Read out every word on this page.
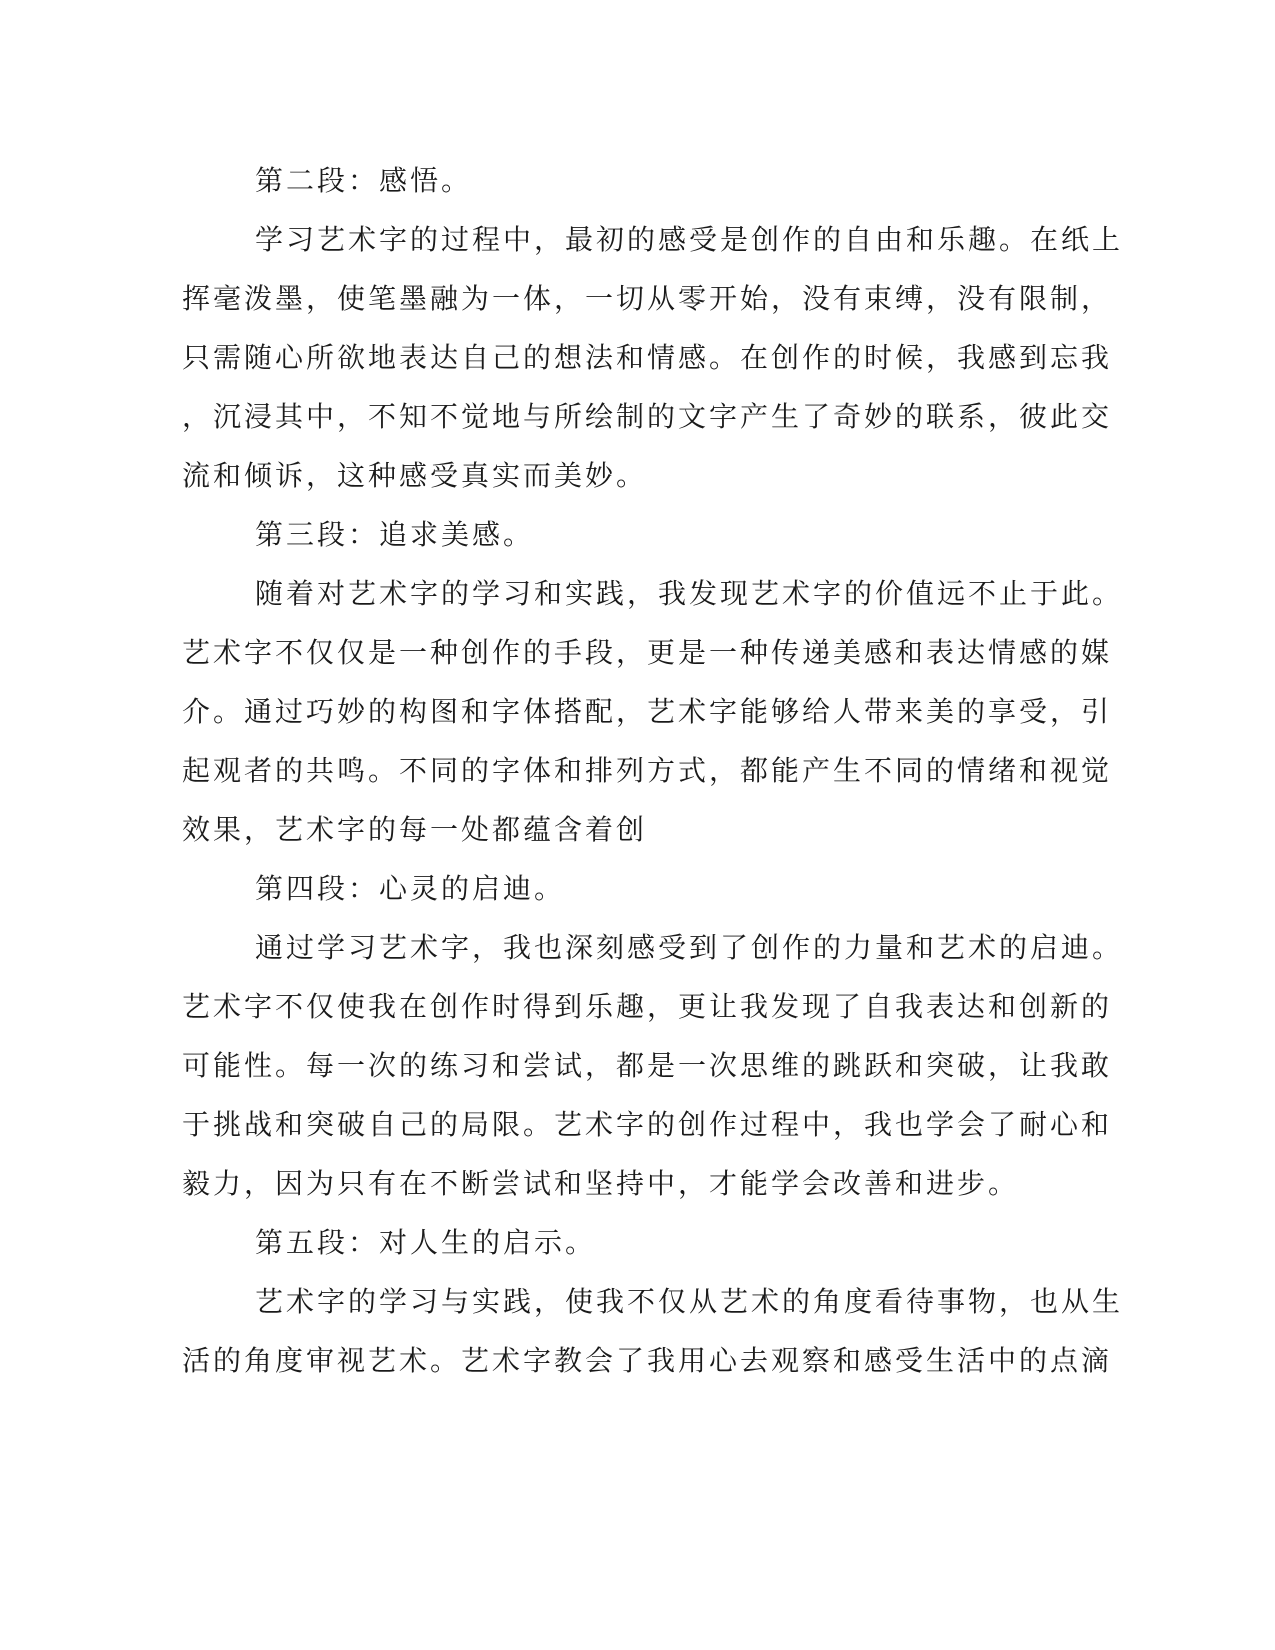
第二段：感悟。
学习艺术字的过程中，最初的感受是创作的自由和乐趣。在纸上
挥毫泼墨，使笔墨融为一体，一切从零开始，没有束缚，没有限制，
只需随心所欲地表达自己的想法和情感。在创作的时候，我感到忘我
，沉浸其中，不知不觉地与所绘制的文字产生了奇妙的联系，彼此交
流和倾诉，这种感受真实而美妙。
第三段：追求美感。
随着对艺术字的学习和实践，我发现艺术字的价值远不止于此。
艺术字不仅仅是一种创作的手段，更是一种传递美感和表达情感的媒
介。通过巧妙的构图和字体搭配，艺术字能够给人带来美的享受，引
起观者的共鸣。不同的字体和排列方式，都能产生不同的情绪和视觉
效果，艺术字的每一处都蕴含着创
第四段：心灵的启迪。
通过学习艺术字，我也深刻感受到了创作的力量和艺术的启迪。
艺术字不仅使我在创作时得到乐趣，更让我发现了自我表达和创新的
可能性。每一次的练习和尝试，都是一次思维的跳跃和突破，让我敢
于挑战和突破自己的局限。艺术字的创作过程中，我也学会了耐心和
毅力，因为只有在不断尝试和坚持中，才能学会改善和进步。
第五段：对人生的启示。
艺术字的学习与实践，使我不仅从艺术的角度看待事物，也从生
活的角度审视艺术。艺术字教会了我用心去观察和感受生活中的点滴
